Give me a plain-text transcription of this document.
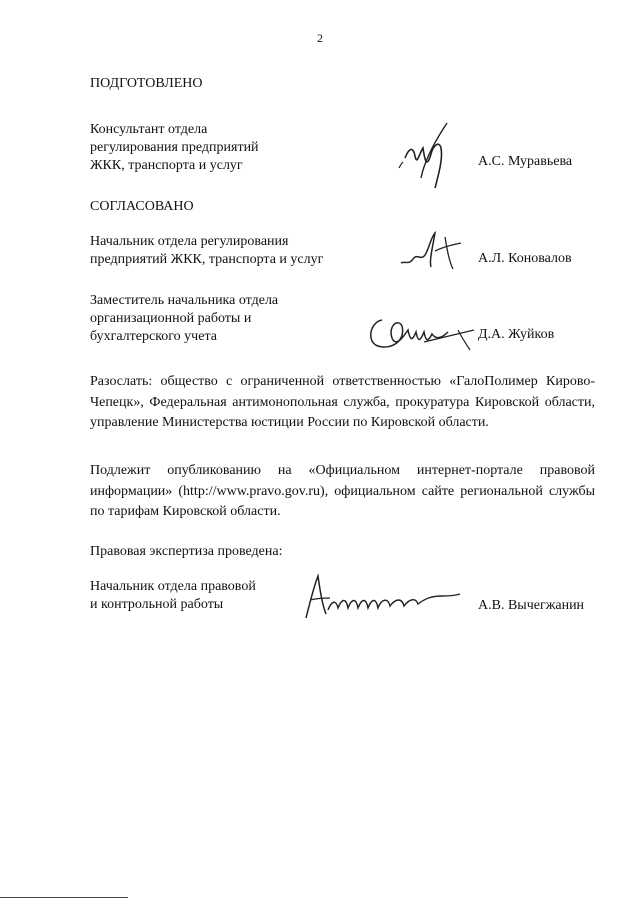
2
ПОДГОТОВЛЕНО
Консультант отдела
регулирования предприятий
ЖКК, транспорта и услуг	А.С. Муравьева
СОГЛАСОВАНО
Начальник отдела регулирования
предприятий ЖКК, транспорта и услуг	А.Л. Коновалов
Заместитель начальника отдела
организационной работы и
бухгалтерского учета	Д.А. Жуйков
Разослать: общество с ограниченной ответственностью «ГалоПолимер Кирово-Чепецк», Федеральная антимонопольная служба, прокуратура Кировской области, управление Министерства юстиции России по Кировской области.
Подлежит опубликованию на «Официальном интернет-портале правовой информации» (http://www.pravo.gov.ru), официальном сайте региональной службы по тарифам Кировской области.
Правовая экспертиза проведена:
Начальник отдела правовой
и контрольной работы	А.В. Вычегжанин
